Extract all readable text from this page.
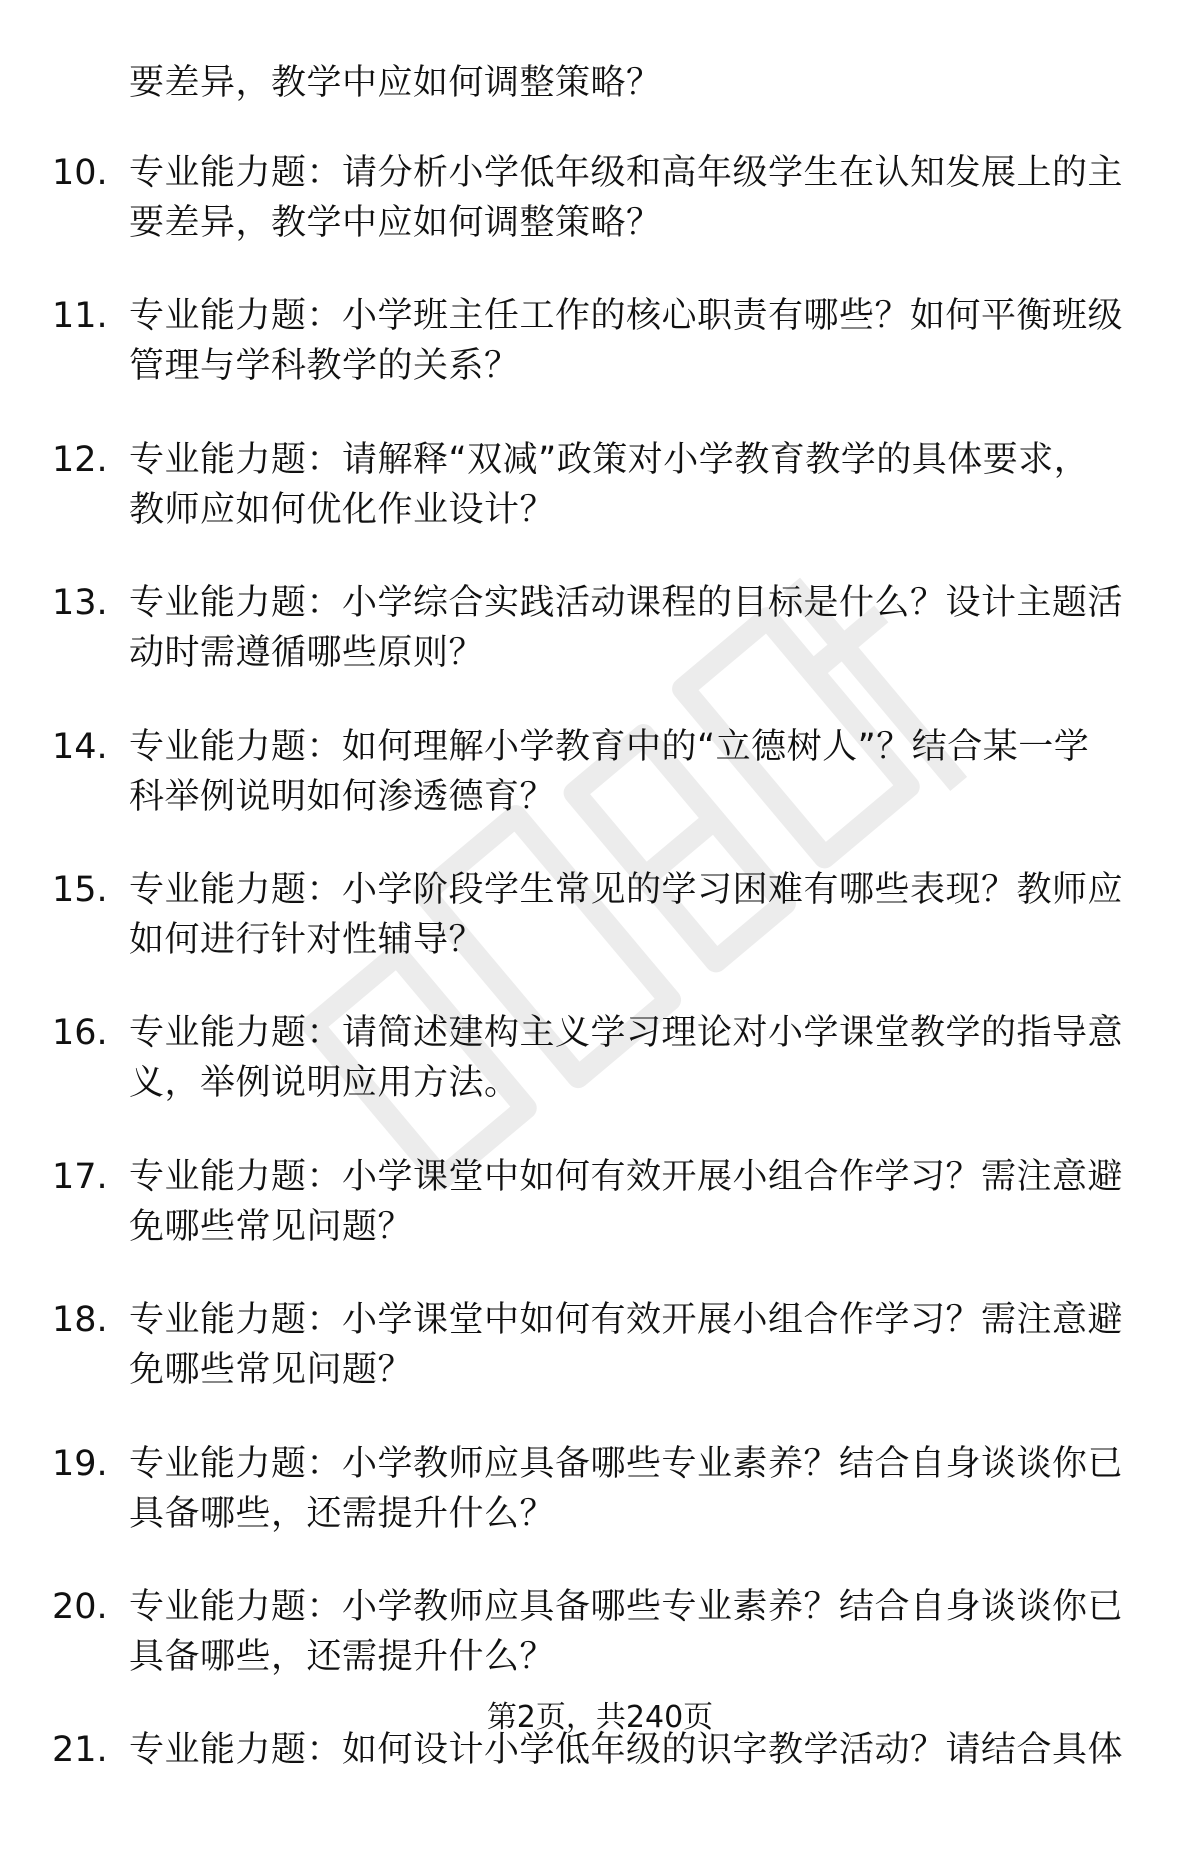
要差异，教学中应如何调整策略？
10. 专业能力题：请分析小学低年级和高年级学生在认知发展上的主
要差异，教学中应如何调整策略？
11. 专业能力题：小学班主任工作的核心职责有哪些？如何平衡班级
管理与学科教学的关系？
12. 专业能力题：请解释“双减”政策对小学教育教学的具体要求，
教师应如何优化作业设计？
13. 专业能力题：小学综合实践活动课程的目标是什么？设计主题活
动时需遵循哪些原则？
14. 专业能力题：如何理解小学教育中的“立德树人”？结合某一学
科举例说明如何渗透德育？
15. 专业能力题：小学阶段学生常见的学习困难有哪些表现？教师应
如何进行针对性辅导？
16. 专业能力题：请简述建构主义学习理论对小学课堂教学的指导意
义，举例说明应用方法。
17. 专业能力题：小学课堂中如何有效开展小组合作学习？需注意避
免哪些常见问题？
18. 专业能力题：小学课堂中如何有效开展小组合作学习？需注意避
免哪些常见问题？
19. 专业能力题：小学教师应具备哪些专业素养？结合自身谈谈你已
具备哪些，还需提升什么？
20. 专业能力题：小学教师应具备哪些专业素养？结合自身谈谈你已
具备哪些，还需提升什么？
21. 专业能力题：如何设计小学低年级的识字教学活动？请结合具体
第2页，共240页
